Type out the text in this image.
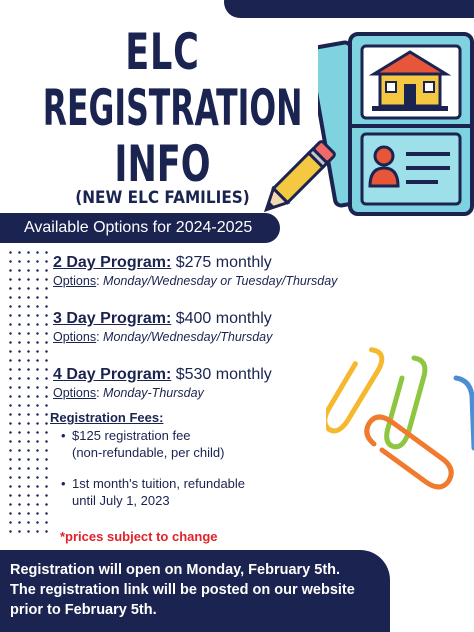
ELC
REGISTRATION
INFO
(NEW ELC FAMILIES)
Available Options for 2024-2025
2 Day Program: $275 monthly
Options: Monday/Wednesday or Tuesday/Thursday
3 Day Program: $400 monthly
Options: Monday/Wednesday/Thursday
4 Day Program: $530 monthly
Options: Monday-Thursday
Registration Fees:
• $125 registration fee
(non-refundable, per child)
• 1st month's tuition, refundable
until July 1, 2023
*prices subject to change
Registration will open on Monday, February 5th.
The registration link will be posted on our website
prior to February 5th.
